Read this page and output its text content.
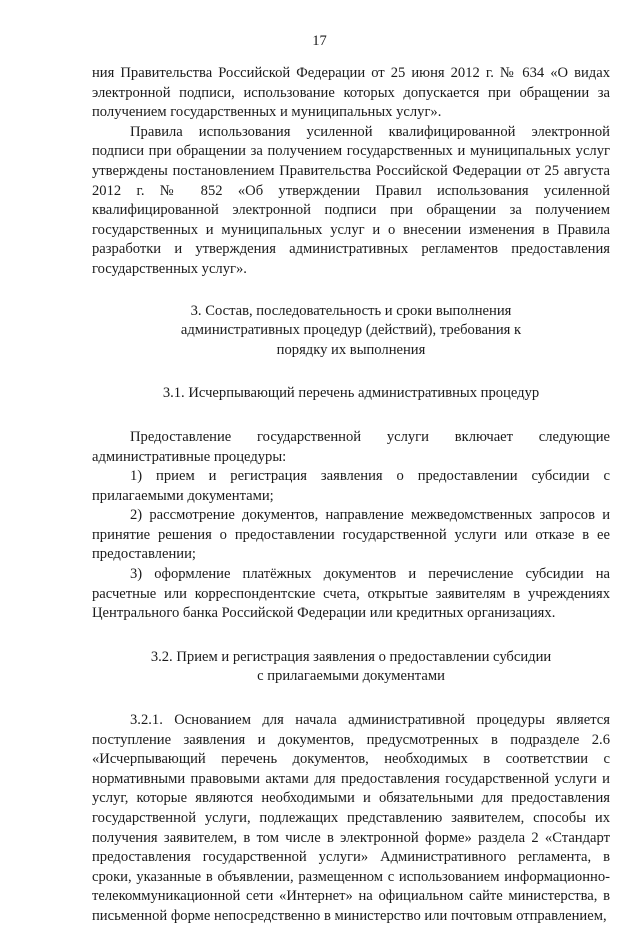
17

ния Правительства Российской Федерации от 25 июня 2012 г. № 634 «О видах электронной подписи, использование которых допускается при обращении за получением государственных и муниципальных услуг».

Правила использования усиленной квалифицированной электронной подписи при обращении за получением государственных и муниципальных услуг утверждены постановлением Правительства Российской Федерации от 25 августа 2012 г. № 852 «Об утверждении Правил использования усиленной квалифицированной электронной подписи при обращении за получением государственных и муниципальных услуг и о внесении изменения в Правила разработки и утверждения административных регламентов предоставления государственных услуг».

3. Состав, последовательность и сроки выполнения

административных процедур (действий), требования к

порядку их выполнения

3.1. Исчерпывающий перечень административных процедур

Предоставление государственной услуги включает следующие административные процедуры:

1) прием и регистрация заявления о предоставлении субсидии с прилагаемыми документами;

2) рассмотрение документов, направление межведомственных запросов и принятие решения о предоставлении государственной услуги или отказе в ее предоставлении;

3) оформление платёжных документов и перечисление субсидии на расчетные или корреспондентские счета, открытые заявителям в учреждениях Центрального банка Российской Федерации или кредитных организациях.

3.2. Прием и регистрация заявления о предоставлении субсидии

с прилагаемыми документами

3.2.1. Основанием для начала административной процедуры является поступление заявления и документов, предусмотренных в подразделе 2.6 «Исчерпывающий перечень документов, необходимых в соответствии с нормативными правовыми актами для предоставления государственной услуги и услуг, которые являются необходимыми и обязательными для предоставления государственной услуги, подлежащих представлению заявителем, способы их получения заявителем, в том числе в электронной форме» раздела 2 «Стандарт предоставления государственной услуги» Административного регламента, в сроки, указанные в объявлении, размещенном с использованием информационно-телекоммуникационной сети «Интернет» на официальном сайте министерства, в письменной форме непосредственно в министерство или почтовым отправлением,
